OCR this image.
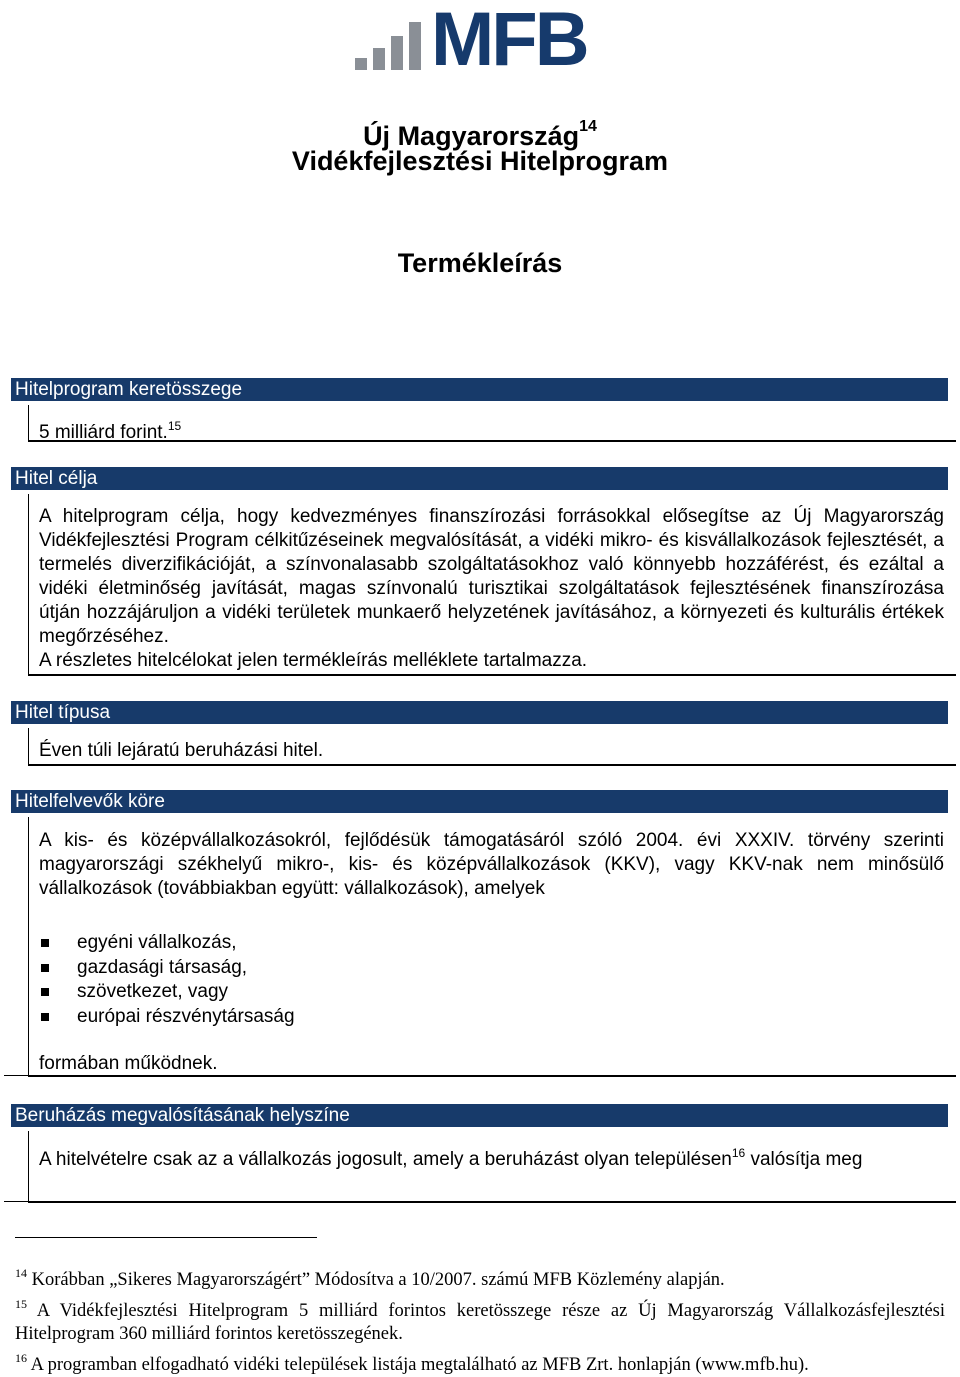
MFB
Új Magyarország$^{14}$
Vidékfejlesztési Hitelprogram
Termékleírás
Hitelprogram keretösszege
5 milliárd forint.$^{15}$
Hitel célja
A hitelprogram célja, hogy kedvezményes finanszírozási forrásokkal elősegítse az Új Magyarország Vidékfejlesztési Program célkitűzéseinek megvalósítását, a vidéki mikro- és kisvállalkozások fejlesztését, a termelés diverzifikációját, a színvonalasabb szolgáltatásokhoz való könnyebb hozzáférést, és ezáltal a vidéki életminőség javítását, magas színvonalú turisztikai szolgáltatások fejlesztésének finanszírozása útján hozzájáruljon a vidéki területek munkaerő helyzetének javításához, a környezeti és kulturális értékek megőrzéséhez.
A részletes hitelcélokat jelen termékleírás melléklete tartalmazza.
Hitel típusa
Éven túli lejáratú beruházási hitel.
Hitelfelvevők köre
A kis- és középvállalkozásokról, fejlődésük támogatásáról szóló 2004. évi XXXIV. törvény szerinti magyarországi székhelyű mikro-, kis- és középvállalkozások (KKV), vagy KKV-nak nem minősülő vállalkozások (továbbiakban együtt: vállalkozások), amelyek
egyéni vállalkozás,
gazdasági társaság,
szövetkezet, vagy
európai részvénytársaság
formában működnek.
Beruházás megvalósításának helyszíne
A hitelvételre csak az a vállalkozás jogosult, amely a beruházást olyan településen$^{16}$ valósítja meg
$^{14}$ Korábban „Sikeres Magyarországért” Módosítva a 10/2007. számú MFB Közlemény alapján.
$^{15}$ A Vidékfejlesztési Hitelprogram 5 milliárd forintos keretösszege része az Új Magyarország Vállalkozásfejlesztési Hitelprogram 360 milliárd forintos keretösszegének.
$^{16}$ A programban elfogadható vidéki települések listája megtalálható az MFB Zrt. honlapján (www.mfb.hu).
